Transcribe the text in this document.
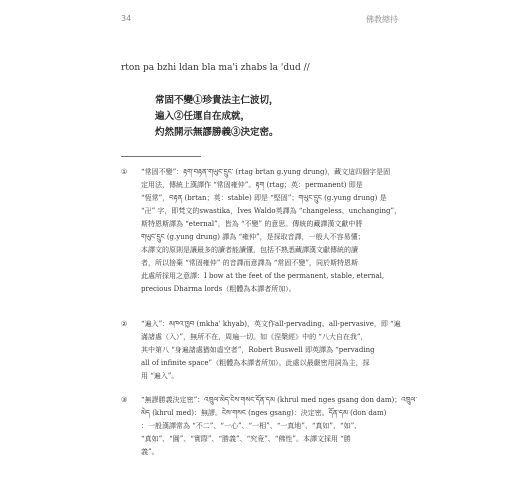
34	佛教總持
rton pa bzhi ldan bla ma'i zhabs la 'dud //
常固不變①珍貴法主仁波切，
遍入②任運自在成就，
灼然開示無謬勝義③決定密。
① “常固不變”：རྟག་བརྟན་གཡུང་དྲུང་ (rtag brtan g.yung drung)，藏文這四個字是固
定用法，傳統上漢譯作 “常固雍仲”。རྟག (rtag；英：permanent) 即是
“恆常”，བརྟན (brtan；英：stable) 即是 “堅固”；གཡུང་དྲུང (g.yung drung) 是
“卍” 字，即梵文的swastika，Ives Waldo英譯為 “changeless、unchanging”，
斯特恩斯譯為 “eternal”，皆為 “不變” 的意思。傳統的藏譯漢文獻中將
གཡུང་དྲུང (g.yung drung) 譯為 “雍仲”，是採取音譯，一般人不容易懂；
本譯文的原則是讓最多的讀者能讀懂，包括不熟悉藏譯漢文獻傳統的讀
者，所以捨棄 “常固雍仲” 的音譯而意譯為 “常固不變”，同於斯特恩斯
此處所採用之意譯：I bow at the feet of the permanent, stable, eternal,
precious Dharma lords（粗體為本譯者所加）。
② “遍入”：མཁའ་ཁྱབ (mkha' khyab)，英文作all-pervading、all-pervasive，即 “遍
滿諸處（入）”，無所不在，周遍一切。如《涅槃經》中的 “八大自在我”，
其中第八 “身遍諸處猶如虛空者”，Robert Buswell 即英譯為 “pervading
all of infinite space”（粗體為本譯者所加）。此處以最嚴密用詞為主，採
用 “遍入”。
③ “無謬勝義決定密”：འཁྲུལ་མེད་ངེས་གསང་དོན་དམ (khrul med nges gsang don dam)；འཁྲུལ་
མེད (khrul med)：無謬。ངེས་གསང (nges gsang)：決定密。དོན་དམ (don dam)
：一般漢譯常為 “不二”、“一心”、“一相”、“一真地”、“真如”、“如”、
“真如”、“圓”、“實際”、“勝義”、“究竟”、“佛性”。本譯文採用 “勝
義”。
